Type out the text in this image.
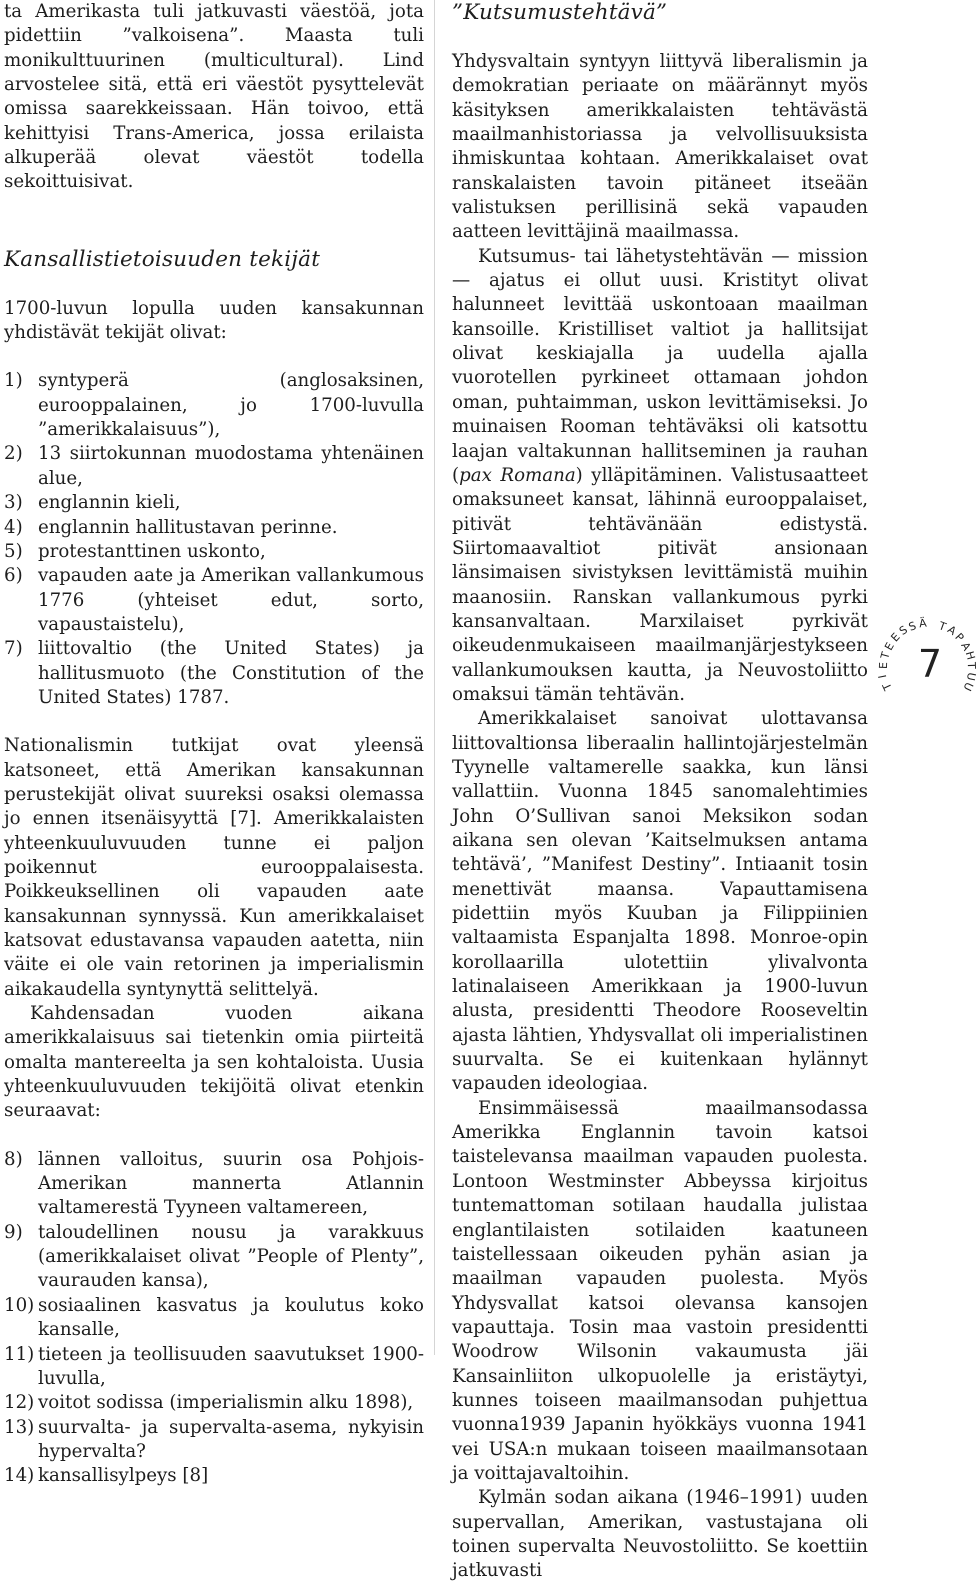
ta Amerikasta tuli jatkuvasti väestöä, jota pidettiin ”valkoisena”. Maasta tuli monikulttuurinen (multicultural). Lind arvostelee sitä, että eri väestöt pysyttelevät omissa saarekkeissaan. Hän toivoo, että kehittyisi Trans-America, jossa erilaista alkuperää olevat väestöt todella sekoittuisivat.

Kansallistietoisuuden tekijät

1700-luvun lopulla uuden kansakunnan yhdistävät tekijät olivat:

1) syntyperä (anglosaksinen, eurooppalainen, jo 1700-luvulla ”amerikkalaisuus”),
2) 13 siirtokunnan muodostama yhtenäinen alue,
3) englannin kieli,
4) englannin hallitustavan perinne.
5) protestanttinen uskonto,
6) vapauden aate ja Amerikan vallankumous 1776 (yhteiset edut, sorto, vapaustaistelu),
7) liittovaltio (the United States) ja hallitusmuoto (the Constitution of the United States) 1787.

Nationalismin tutkijat ovat yleensä katsoneet, että Amerikan kansakunnan perustekijät olivat suureksi osaksi olemassa jo ennen itsenäisyyttä [7]. Amerikkalaisten yhteenkuuluvuuden tunne ei paljon poikennut eurooppalaisesta. Poikkeuksellinen oli vapauden aate kansakunnan synnyssä. Kun amerikkalaiset katsovat edustavansa vapauden aatetta, niin väite ei ole vain retorinen ja imperialismin aikakaudella syntynyttä selittelyä.

Kahdensadan vuoden aikana amerikkalaisuus sai tietenkin omia piirteitä omalta mantereelta ja sen kohtaloista. Uusia yhteenkuuluvuuden tekijöitä olivat etenkin seuraavat:

8) lännen valloitus, suurin osa Pohjois-Amerikan mannerta Atlannin valtamerestä Tyyneen valtamereen,
9) taloudellinen nousu ja varakkuus (amerikkalaiset olivat ”People of Plenty”, vaurauden kansa),
10) sosiaalinen kasvatus ja koulutus koko kansalle,
11) tieteen ja teollisuuden saavutukset 1900-luvulla,
12) voitot sodissa (imperialismin alku 1898),
13) suurvalta- ja supervalta-asema, nykyisin hypervalta?
14) kansallisylpeys [8]
”Kutsumustehtävä”

Yhdysvaltain syntyyn liittyvä liberalismin ja demokratian periaate on määrännyt myös käsityksen amerikkalaisten tehtävästä maailmanhistoriassa ja velvollisuuksista ihmiskuntaa kohtaan. Amerikkalaiset ovat ranskalaisten tavoin pitäneet itseään valistuksen perillisinä sekä vapauden aatteen levittäjinä maailmassa.

Kutsumus- tai lähetystehtävän — mission — ajatus ei ollut uusi. Kristityt olivat halunneet levittää uskontoaan maailman kansoille. Kristilliset valtiot ja hallitsijat olivat keskiajalla ja uudella ajalla vuorotellen pyrkineet ottamaan johdon oman, puhtaimman, uskon levittämiseksi. Jo muinaisen Rooman tehtäväksi oli katsottu laajan valtakunnan hallitseminen ja rauhan (pax Romana) ylläpitäminen. Valistusaatteet omaksuneet kansat, lähinnä eurooppalaiset, pitivät tehtävänään edistystä. Siirtomaavaltiot pitivät ansionaan länsimaisen sivistyksen levittämistä muihin maanosiin. Ranskan vallankumous pyrki kansanvaltaan. Marxilaiset pyrkivät oikeudenmukaiseen maailmanjärjestykseen vallankumouksen kautta, ja Neuvostoliitto omaksui tämän tehtävän.

Amerikkalaiset sanoivat ulottavansa liittovaltionsa liberaalin hallintojärjestelmän Tyynelle valtamerelle saakka, kun länsi vallattiin. Vuonna 1845 sanomalehtimies John O’Sullivan sanoi Meksikon sodan aikana sen olevan ’Kaitselmuksen antama tehtävä’, ”Manifest Destiny”. Intiaanit tosin menettivät maansa. Vapauttamisena pidettiin myös Kuuban ja Filippiinien valtaamista Espanjalta 1898. Monroe-opin korollaarilla ulotettiin ylivalvonta latinalaiseen Amerikkaan ja 1900-luvun alusta, presidentti Theodore Rooseveltin ajasta lähtien, Yhdysvallat oli imperialistinen suurvalta. Se ei kuitenkaan hylännyt vapauden ideologiaa.

Ensimmäisessä maailmansodassa Amerikka Englannin tavoin katsoi taistelevansa maailman vapauden puolesta. Lontoon Westminster Abbeyssa kirjoitus tuntemattoman sotilaan haudalla julistaa englantilaisten sotilaiden kaatuneen taistellessaan oikeuden pyhän asian ja maailman vapauden puolesta. Myös Yhdysvallat katsoi olevansa kansojen vapauttaja. Tosin maa vastoin presidentti Woodrow Wilsonin vakaumusta jäi Kansainliiton ulkopuolelle ja eristäytyi, kunnes toiseen maailmansodan puhjettua vuonna1939 Japanin hyökkäys vuonna 1941 vei USA:n mukaan toiseen maailmansotaan ja voittajavaltoihin.

Kylmän sodan aikana (1946–1991) uuden supervallan, Amerikan, vastustajana oli toinen supervalta Neuvostoliitto. Se koettiin jatkuvasti

T
I
E
T
E
E
S
S Ä T
A
P
A
H
T
U
U
7
